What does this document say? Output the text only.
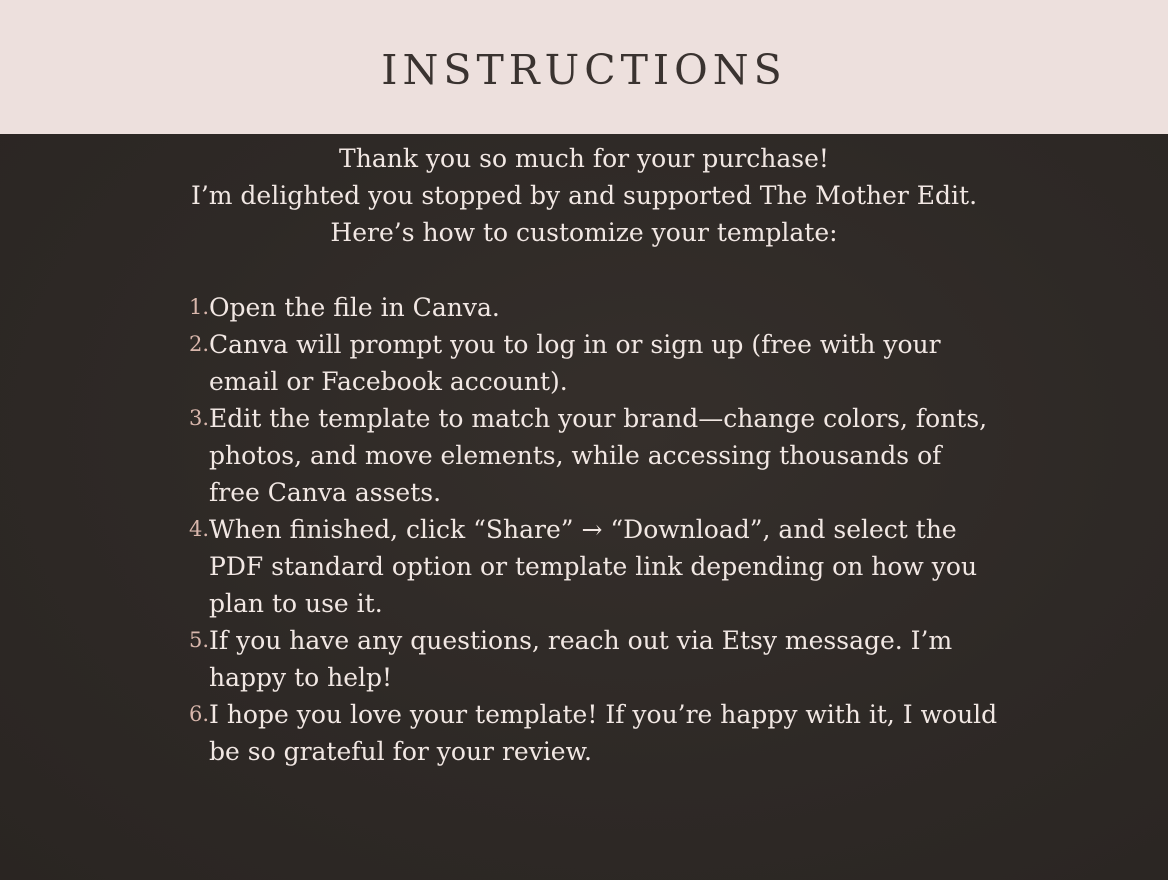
INSTRUCTIONS
Thank you so much for your purchase!
I’m delighted you stopped by and supported The Mother Edit.
Here’s how to customize your template:
1. Open the file in Canva.
2. Canva will prompt you to log in or sign up (free with your email or Facebook account).
3. Edit the template to match your brand—change colors, fonts, photos, and move elements, while accessing thousands of free Canva assets.
4. When finished, click “Share” → “Download”, and select the PDF standard option or template link depending on how you plan to use it.
5. If you have any questions, reach out via Etsy message. I’m happy to help!
6. I hope you love your template! If you’re happy with it, I would be so grateful for your review.
